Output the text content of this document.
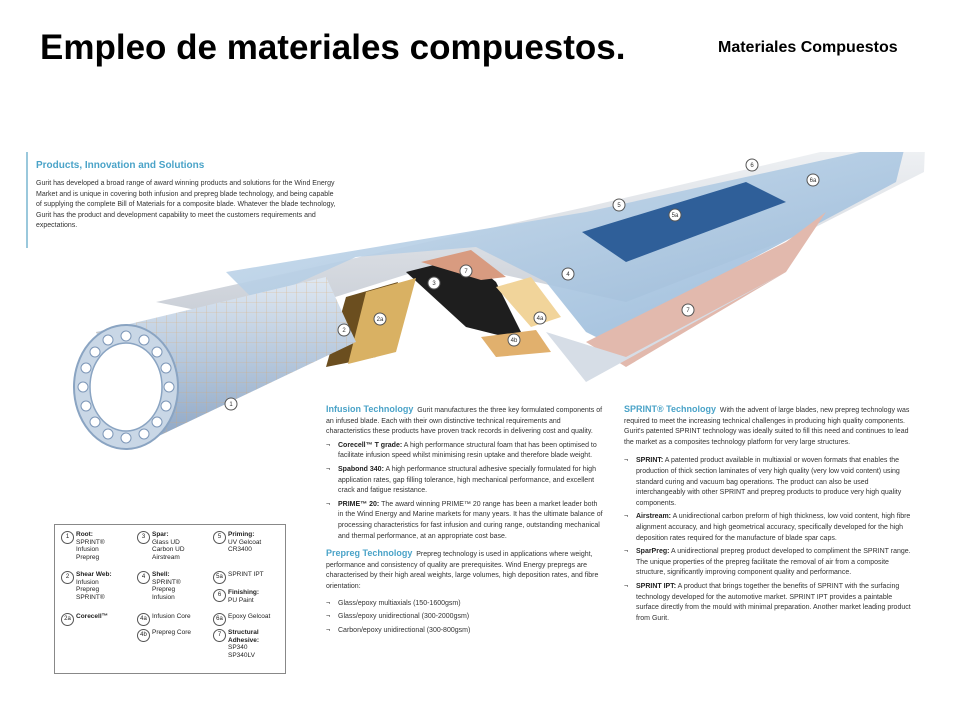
Empleo de materiales compuestos.	Materiales Compuestos
1
2
2a
3
4
4a
4b
5
5a
6
6a
7
7
Products, Innovation and Solutions
Gurit has developed a broad range of award winning products and solutions for the Wind Energy Market and is unique in covering both infusion and prepreg blade technology, and being capable of supplying the complete Bill of Materials for a composite blade. Whatever the blade technology, Gurit has the product and development capability to meet the customers requirements and expectations.
Infusion Technology Gurit manufactures the three key formulated components of an infused blade. Each with their own distinctive technical requirements and characteristics these products have proven track records in delivering cost and quality.
¬ Corecell™ T grade: A high performance structural foam that has been optimised to facilitate infusion speed whilst minimising resin uptake and therefore blade weight.
¬ Spabond 340: A high performance structural adhesive specially formulated for high application rates, gap filling tolerance, high mechanical performance, and excellent crack and fatigue resistance.
¬ PRIME™ 20: The award winning PRIME™ 20 range has been a market leader both in the Wind Energy and Marine markets for many years. It has the ultimate balance of processing characteristics for fast infusion and curing range, outstanding mechanical and thermal performance, at an appropriate cost base.
Prepreg Technology Prepreg technology is used in applications where weight, performance and consistency of quality are prerequisites. Wind Energy prepregs are characterised by their high areal weights, large volumes, high deposition rates, and fibre orientation:
¬ Glass/epoxy multiaxials (150-1600gsm)
¬ Glass/epoxy unidirectional (300-2000gsm)
¬ Carbon/epoxy unidirectional (300-800gsm)
SPRINT® Technology With the advent of large blades, new prepreg technology was required to meet the increasing technical challenges in producing high quality components. Gurit's patented SPRINT technology was ideally suited to fill this need and continues to lead the market as a composites technology platform for very large structures.
¬ SPRINT: A patented product available in multiaxial or woven formats that enables the production of thick section laminates of very high quality (very low void content) using standard curing and vacuum bag operations. The product can also be used interchangeably with other SPRINT and prepreg products to produce very high quality components.
¬ Airstream: A unidirectional carbon preform of high thickness, low void content, high fibre alignment accuracy, and high geometrical accuracy, specifically developed for the high deposition rates required for the manufacture of blade spar caps.
¬ SparPreg: A unidirectional prepreg product developed to compliment the SPRINT range. The unique properties of the prepreg facilitate the removal of air from a composite structure, significantly improving component quality and performance.
¬ SPRINT IPT: A product that brings together the benefits of SPRINT with the surfacing technology developed for the automotive market. SPRINT IPT provides a paintable surface directly from the mould with minimal preparation. Another market leading product from Gurit.
1	Root:
SPRINT®
Infusion
Prepreg
2	Shear Web:
Infusion
Prepreg
SPRINT®
2a Corecell™
3	Spar:
Glass UD
Carbon UD
Airstream
4	Shell:
SPRINT®
Prepreg
Infusion
4a Infusion Core
4b Prepreg Core
5	Priming:
UV Gelcoat
CR3400
5a SPRINT IPT
6	Finishing:
PU Paint
6a Epoxy Gelcoat
7	Structural Adhesive:
SP340
SP340LV
